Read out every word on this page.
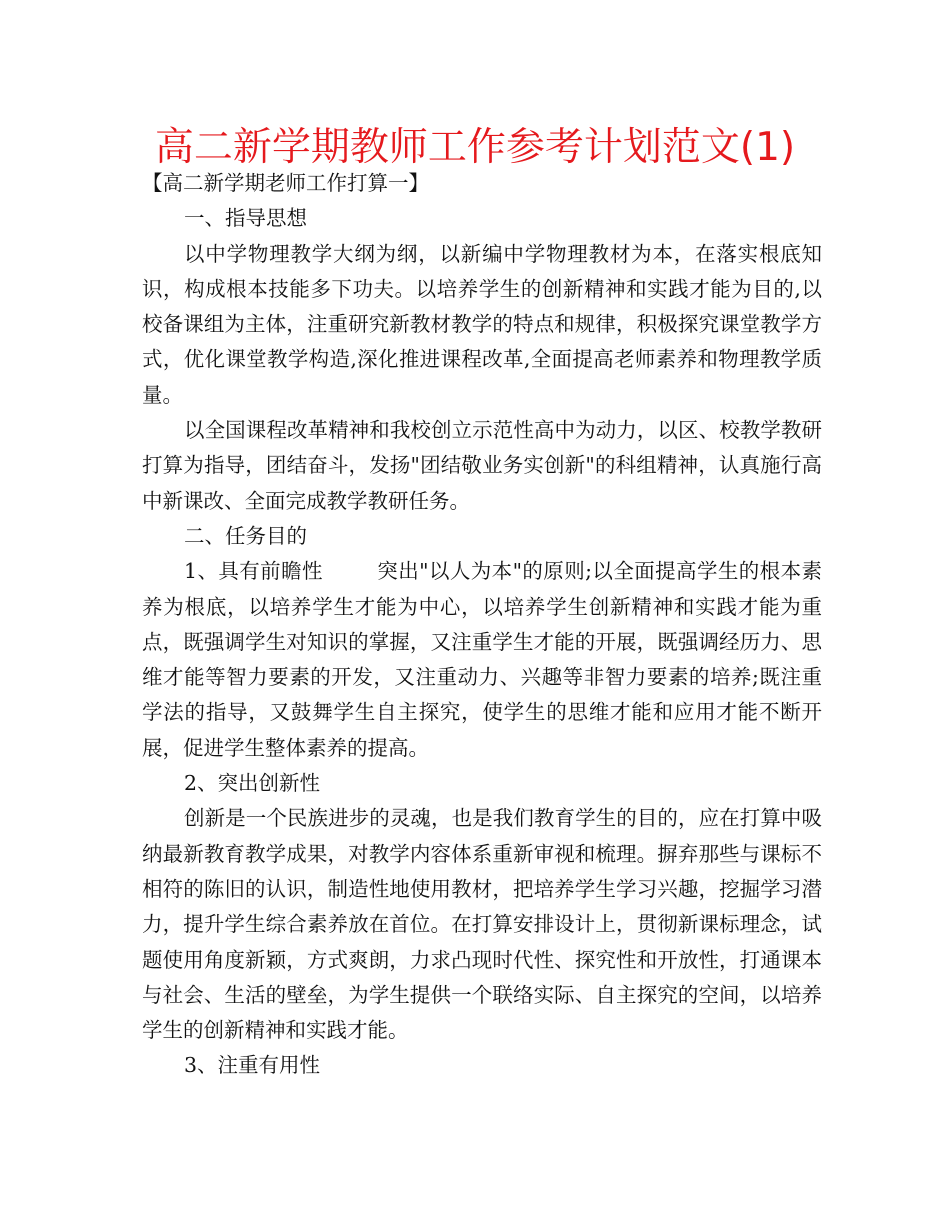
高二新学期教师工作参考计划范文(1)

【高二新学期老师工作打算一】

一、指导思想

以中学物理教学大纲为纲，以新编中学物理教材为本，在落实根底知识，构成根本技能多下功夫。以培养学生的创新精神和实践才能为目的,以校备课组为主体，注重研究新教材教学的特点和规律，积极探究课堂教学方式，优化课堂教学构造,深化推进课程改革,全面提高老师素养和物理教学质量。

以全国课程改革精神和我校创立示范性高中为动力，以区、校教学教研打算为指导，团结奋斗，发扬"团结敬业务实创新"的科组精神，认真施行高中新课改、全面完成教学教研任务。

二、任务目的

1、具有前瞻性	突出"以人为本"的原则;以全面提高学生的根本素养为根底，以培养学生才能为中心，以培养学生创新精神和实践才能为重点，既强调学生对知识的掌握，又注重学生才能的开展，既强调经历力、思维才能等智力要素的开发，又注重动力、兴趣等非智力要素的培养;既注重学法的指导，又鼓舞学生自主探究，使学生的思维才能和应用才能不断开展，促进学生整体素养的提高。

2、突出创新性

创新是一个民族进步的灵魂，也是我们教育学生的目的，应在打算中吸纳最新教育教学成果，对教学内容体系重新审视和梳理。摒弃那些与课标不相符的陈旧的认识，制造性地使用教材，把培养学生学习兴趣，挖掘学习潜力，提升学生综合素养放在首位。在打算安排设计上，贯彻新课标理念，试题使用角度新颖，方式爽朗，力求凸现时代性、探究性和开放性，打通课本与社会、生活的壁垒，为学生提供一个联络实际、自主探究的空间，以培养学生的创新精神和实践才能。

3、注重有用性
